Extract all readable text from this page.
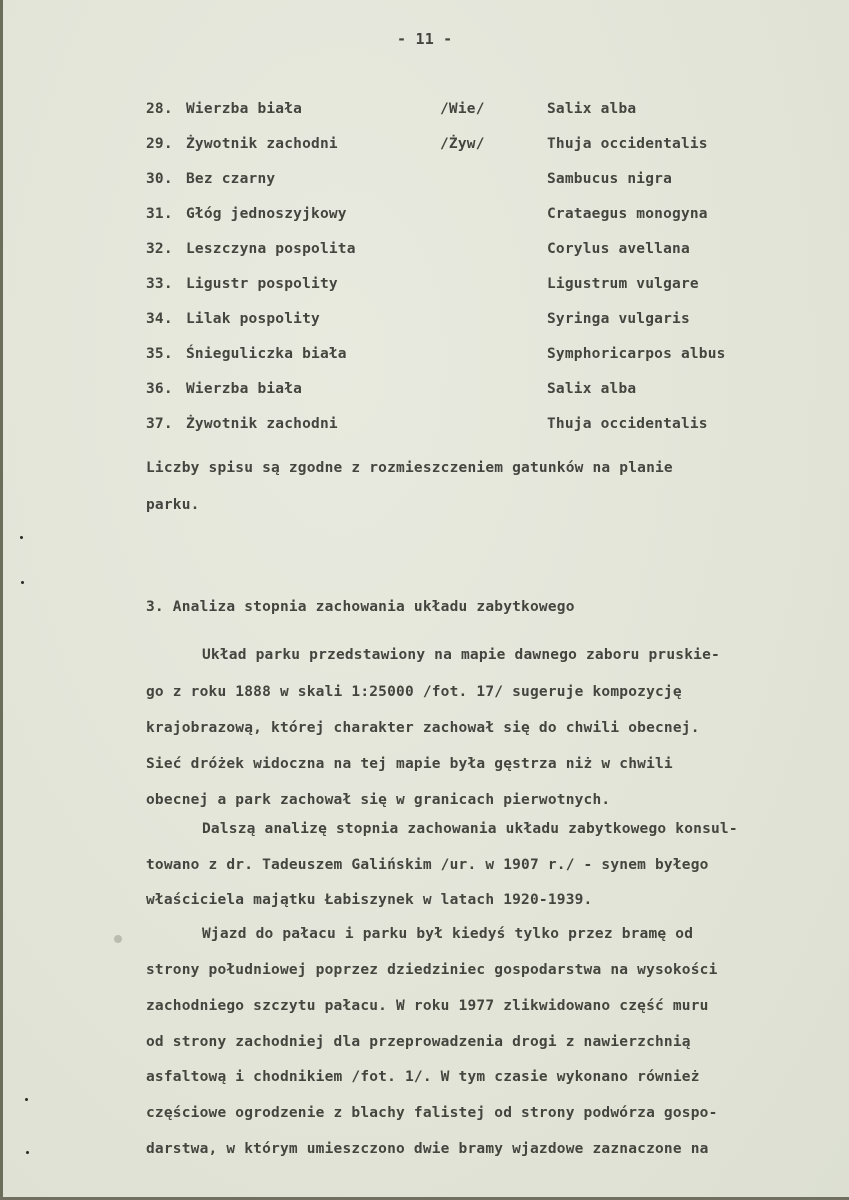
- 11 -
28. Wierzba biała	/Wie/	Salix alba
29. Żywotnik zachodni	/Żyw/	Thuja occidentalis
30. Bez czarny	Sambucus nigra
31. Głóg jednoszyjkowy	Crataegus monogyna
32. Leszczyna pospolita	Corylus avellana
33. Ligustr pospolity	Ligustrum vulgare
34. Lilak pospolity	Syringa vulgaris
35. Śnieguliczka biała	Symphoricarpos albus
36. Wierzba biała	Salix alba
37. Żywotnik zachodni	Thuja occidentalis
Liczby spisu są zgodne z rozmieszczeniem gatunków na planie
parku.
3. Analiza stopnia zachowania układu zabytkowego
Układ parku przedstawiony na mapie dawnego zaboru pruskie-
go z roku 1888 w skali 1:25000 /fot. 17/ sugeruje kompozycję
krajobrazową, której charakter zachował się do chwili obecnej.
Sieć dróżek widoczna na tej mapie była gęstrza niż w chwili
obecnej a park zachował się w granicach pierwotnych.
Dalszą analizę stopnia zachowania układu zabytkowego konsul-
towano z dr. Tadeuszem Galińskim /ur. w 1907 r./ - synem byłego
właściciela majątku Łabiszynek w latach 1920-1939.
Wjazd do pałacu i parku był kiedyś tylko przez bramę od
strony południowej poprzez dziedziniec gospodarstwa na wysokości
zachodniego szczytu pałacu. W roku 1977 zlikwidowano część muru
od strony zachodniej dla przeprowadzenia drogi z nawierzchnią
asfaltową i chodnikiem /fot. 1/. W tym czasie wykonano również
częściowe ogrodzenie z blachy falistej od strony podwórza gospo-
darstwa, w którym umieszczono dwie bramy wjazdowe zaznaczone na
